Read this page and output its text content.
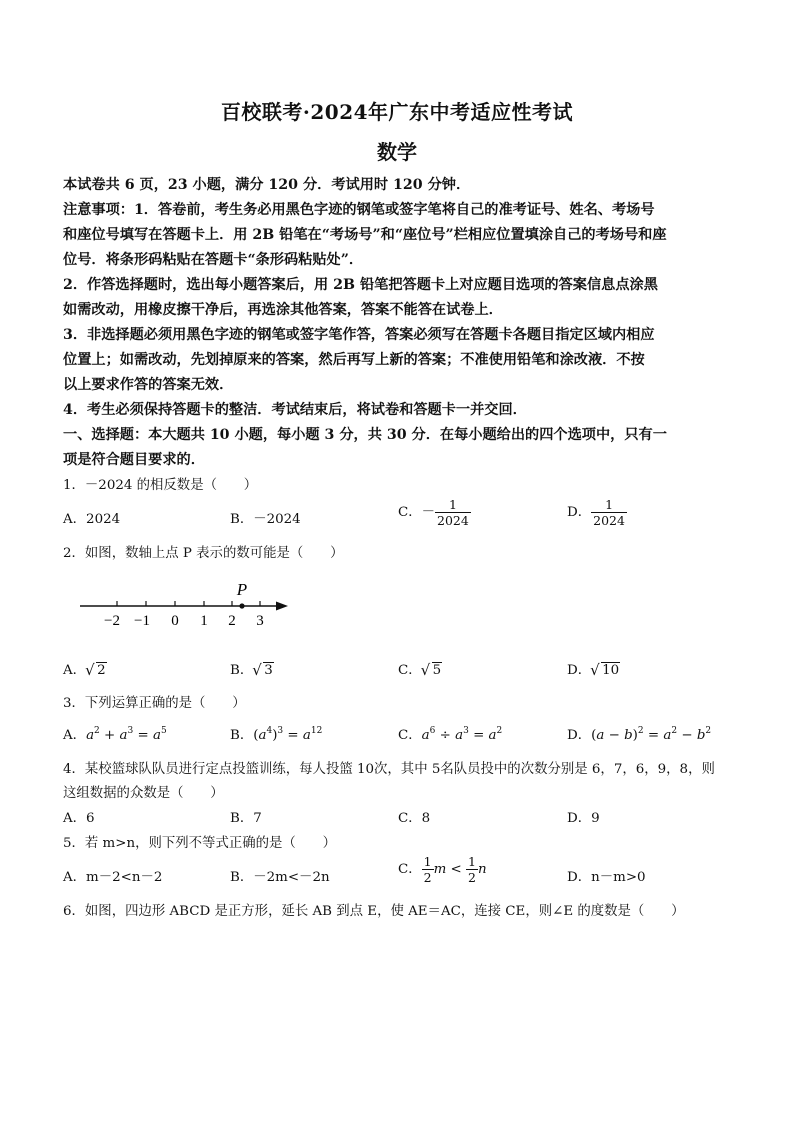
百校联考·2024年广东中考适应性考试
数学
本试卷共 6 页，23 小题，满分 120 分．考试用时 120 分钟．
注意事项：1．答卷前，考生务必用黑色字迹的钢笔或签字笔将自己的准考证号、姓名、考场号
和座位号填写在答题卡上．用 2B 铅笔在“考场号”和“座位号”栏相应位置填涂自己的考场号和座
位号．将条形码粘贴在答题卡“条形码粘贴处”．
2．作答选择题时，选出每小题答案后，用 2B 铅笔把答题卡上对应题目选项的答案信息点涂黑
如需改动，用橡皮擦干净后，再选涂其他答案，答案不能答在试卷上．
3．非选择题必须用黑色字迹的钢笔或签字笔作答，答案必须写在答题卡各题目指定区域内相应
位置上；如需改动，先划掉原来的答案，然后再写上新的答案；不准使用铅笔和涂改液．不按
以上要求作答的答案无效．
4．考生必须保持答题卡的整洁．考试结束后，将试卷和答题卡一并交回．
一、选择题：本大题共 10 小题，每小题 3 分，共 30 分．在每小题给出的四个选项中，只有一
项是符合题目要求的．
1．－2024 的相反数是（　　）
A．2024	B．－2024	C．－ $\frac{1}{2024}$	D． $\frac{1}{2024}$
2．如图，数轴上点 P 表示的数可能是（　　）
P
−2 −1 0 1 2 3
A． √ 2	B． √ 3	C． √ 5	D． √ 10
3．下列运算正确的是（　　）
A．$a^2 + a^3 = a^5$	B．$(a^4)^3 = a^{12}$	C．$a^6 \div a^3 = a^2$	D．$(a - b)^2 = a^2 - b^2$
4．某校篮球队队员进行定点投篮训练，每人投篮 10次，其中 5名队员投中的次数分别是 6，7，6，9，8，则
这组数据的众数是（　　）
A．6	B．7	C．8	D．9
5．若 m>n，则下列不等式正确的是（　　）
A．m－2<n－2	B．－2m<－2n
C． $\frac{1}{2}$ $m < \frac{1}{2}$ n
D．n－m>0
6．如图，四边形 ABCD 是正方形，延长 AB 到点 E，使 AE＝AC，连接 CE，则∠E 的度数是（　　）
